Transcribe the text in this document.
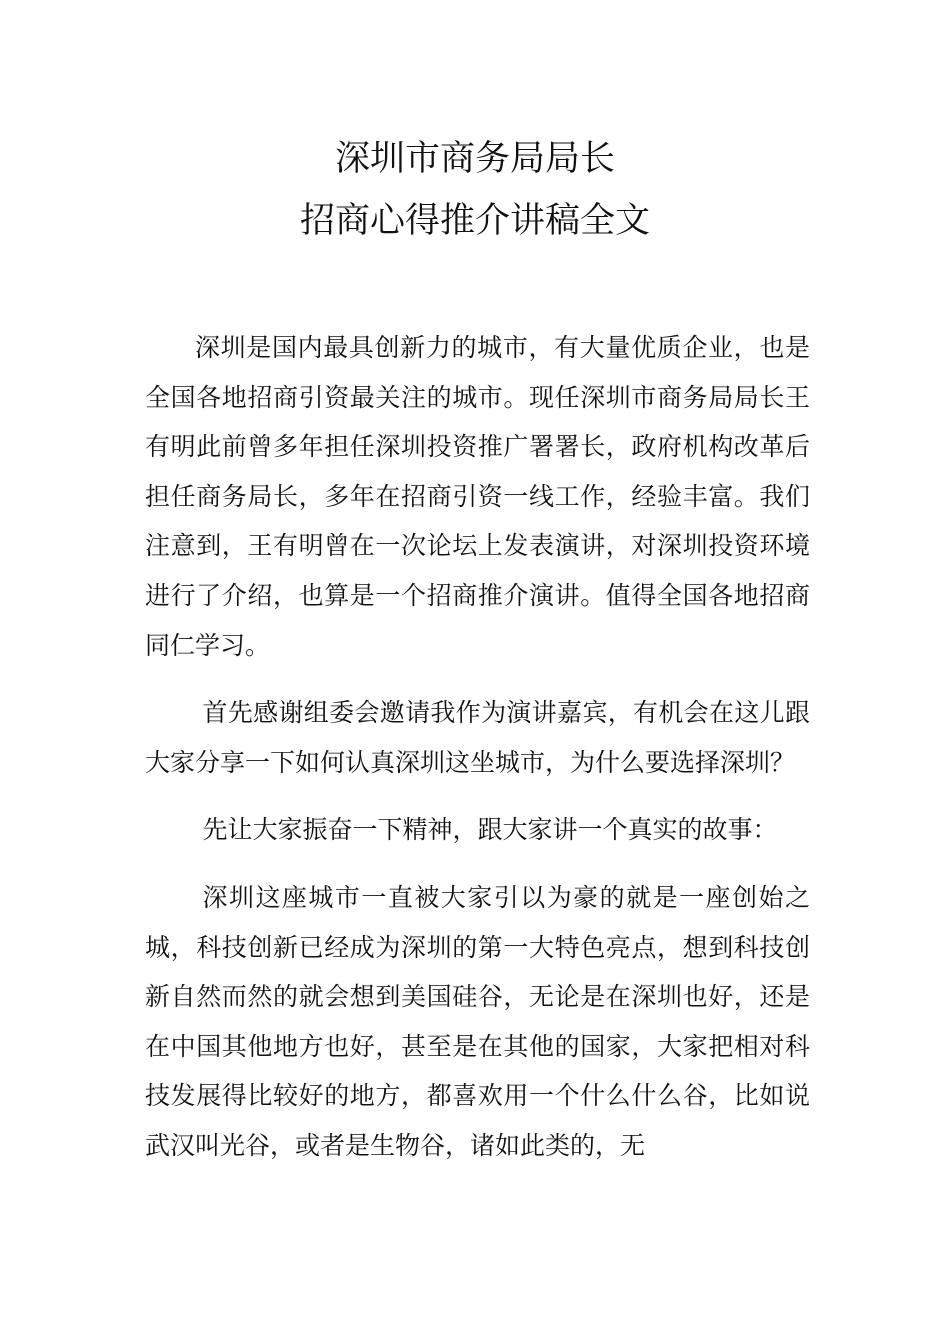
深圳市商务局局长
招商心得推介讲稿全文

深圳是国内最具创新力的城市，有大量优质企业，也是全国各地招商引资最关注的城市。现任深圳市商务局局长王有明此前曾多年担任深圳投资推广署署长，政府机构改革后担任商务局长，多年在招商引资一线工作，经验丰富。我们注意到，王有明曾在一次论坛上发表演讲，对深圳投资环境进行了介绍，也算是一个招商推介演讲。值得全国各地招商同仁学习。

首先感谢组委会邀请我作为演讲嘉宾，有机会在这儿跟大家分享一下如何认真深圳这坐城市，为什么要选择深圳？

先让大家振奋一下精神，跟大家讲一个真实的故事：

深圳这座城市一直被大家引以为豪的就是一座创始之城，科技创新已经成为深圳的第一大特色亮点，想到科技创新自然而然的就会想到美国硅谷，无论是在深圳也好，还是在中国其他地方也好，甚至是在其他的国家，大家把相对科技发展得比较好的地方，都喜欢用一个什么什么谷，比如说武汉叫光谷，或者是生物谷，诸如此类的，无
